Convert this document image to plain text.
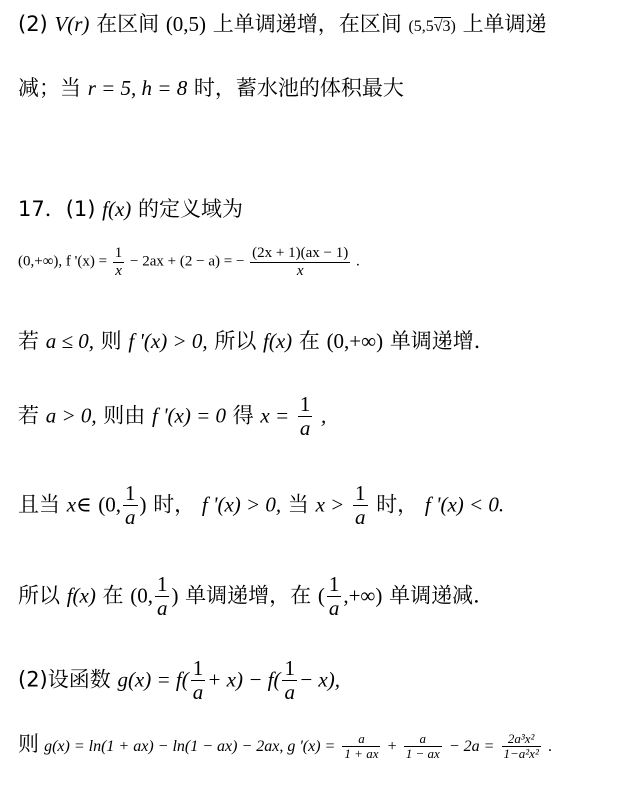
(2) V(r) 在区间 (0,5) 上单调递增，在区间 (5,5√3) 上单调递
减；当 r = 5, h = 8 时，蓄水池的体积最大
17．(1) f(x) 的定义域为
(0,+∞), f '$(x) = \frac{1}{x} - 2ax + (2 - a)$ = − $\frac{(2x + 1)(ax - 1)}{x}$ .
若 a ≤ 0, 则 f '(x) > 0, 所以 f(x) 在 (0,+∞) 单调递增．
若 a > 0, 则由 f '(x) = 0 得 $x = \frac{1}{a}$ ,
且当 x∈ (0, $\frac{1}{a}$ ) 时， f '(x) > 0, 当 $x > \frac{1}{a}$ 时， f '(x) < 0.
所以 f(x) 在 (0, $\frac{1}{a}$ ) 单调递增，在 ( $\frac{1}{a}$ ,+∞) 单调递减．
(2)设函数 $g(x) = f( \frac{1}{a} + x) - f( \frac{1}{a} - x)$,
则 g(x) = ln(1 + ax) − ln(1 − ax) − 2ax, g '$(x) = \frac{a}{1 + ax} + \frac{a}{1 - ax} - 2a = \frac{\text{2a³x²}}{\text{1−a²x²}}$ .
